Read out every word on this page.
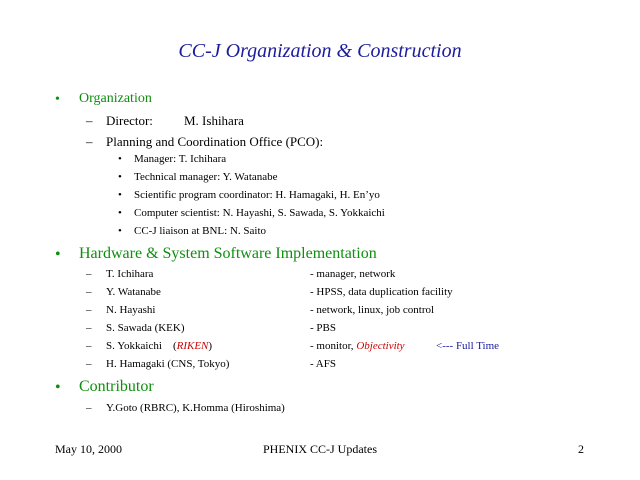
CC-J Organization & Construction
• Organization
– Director: M. Ishihara
– Planning and Coordination Office (PCO):
• Manager: T. Ichihara
• Technical manager: Y. Watanabe
• Scientific program coordinator: H. Hamagaki, H. En’yo
• Computer scientist: N. Hayashi, S. Sawada, S. Yokkaichi
• CC-J liaison at BNL: N. Saito
• Hardware & System Software Implementation
– T. Ichihara	- manager, network
– Y. Watanabe	- HPSS, data duplication facility
– N. Hayashi	- network, linux, job control
– S. Sawada (KEK)	- PBS
– S. Yokkaichi (RIKEN)	- monitor, Objectivity	<--- Full Time
– H. Hamagaki (CNS, Tokyo)	- AFS
• Contributor
– Y.Goto (RBRC), K.Homma (Hiroshima)
May 10, 2000	PHENIX CC-J Updates	2
